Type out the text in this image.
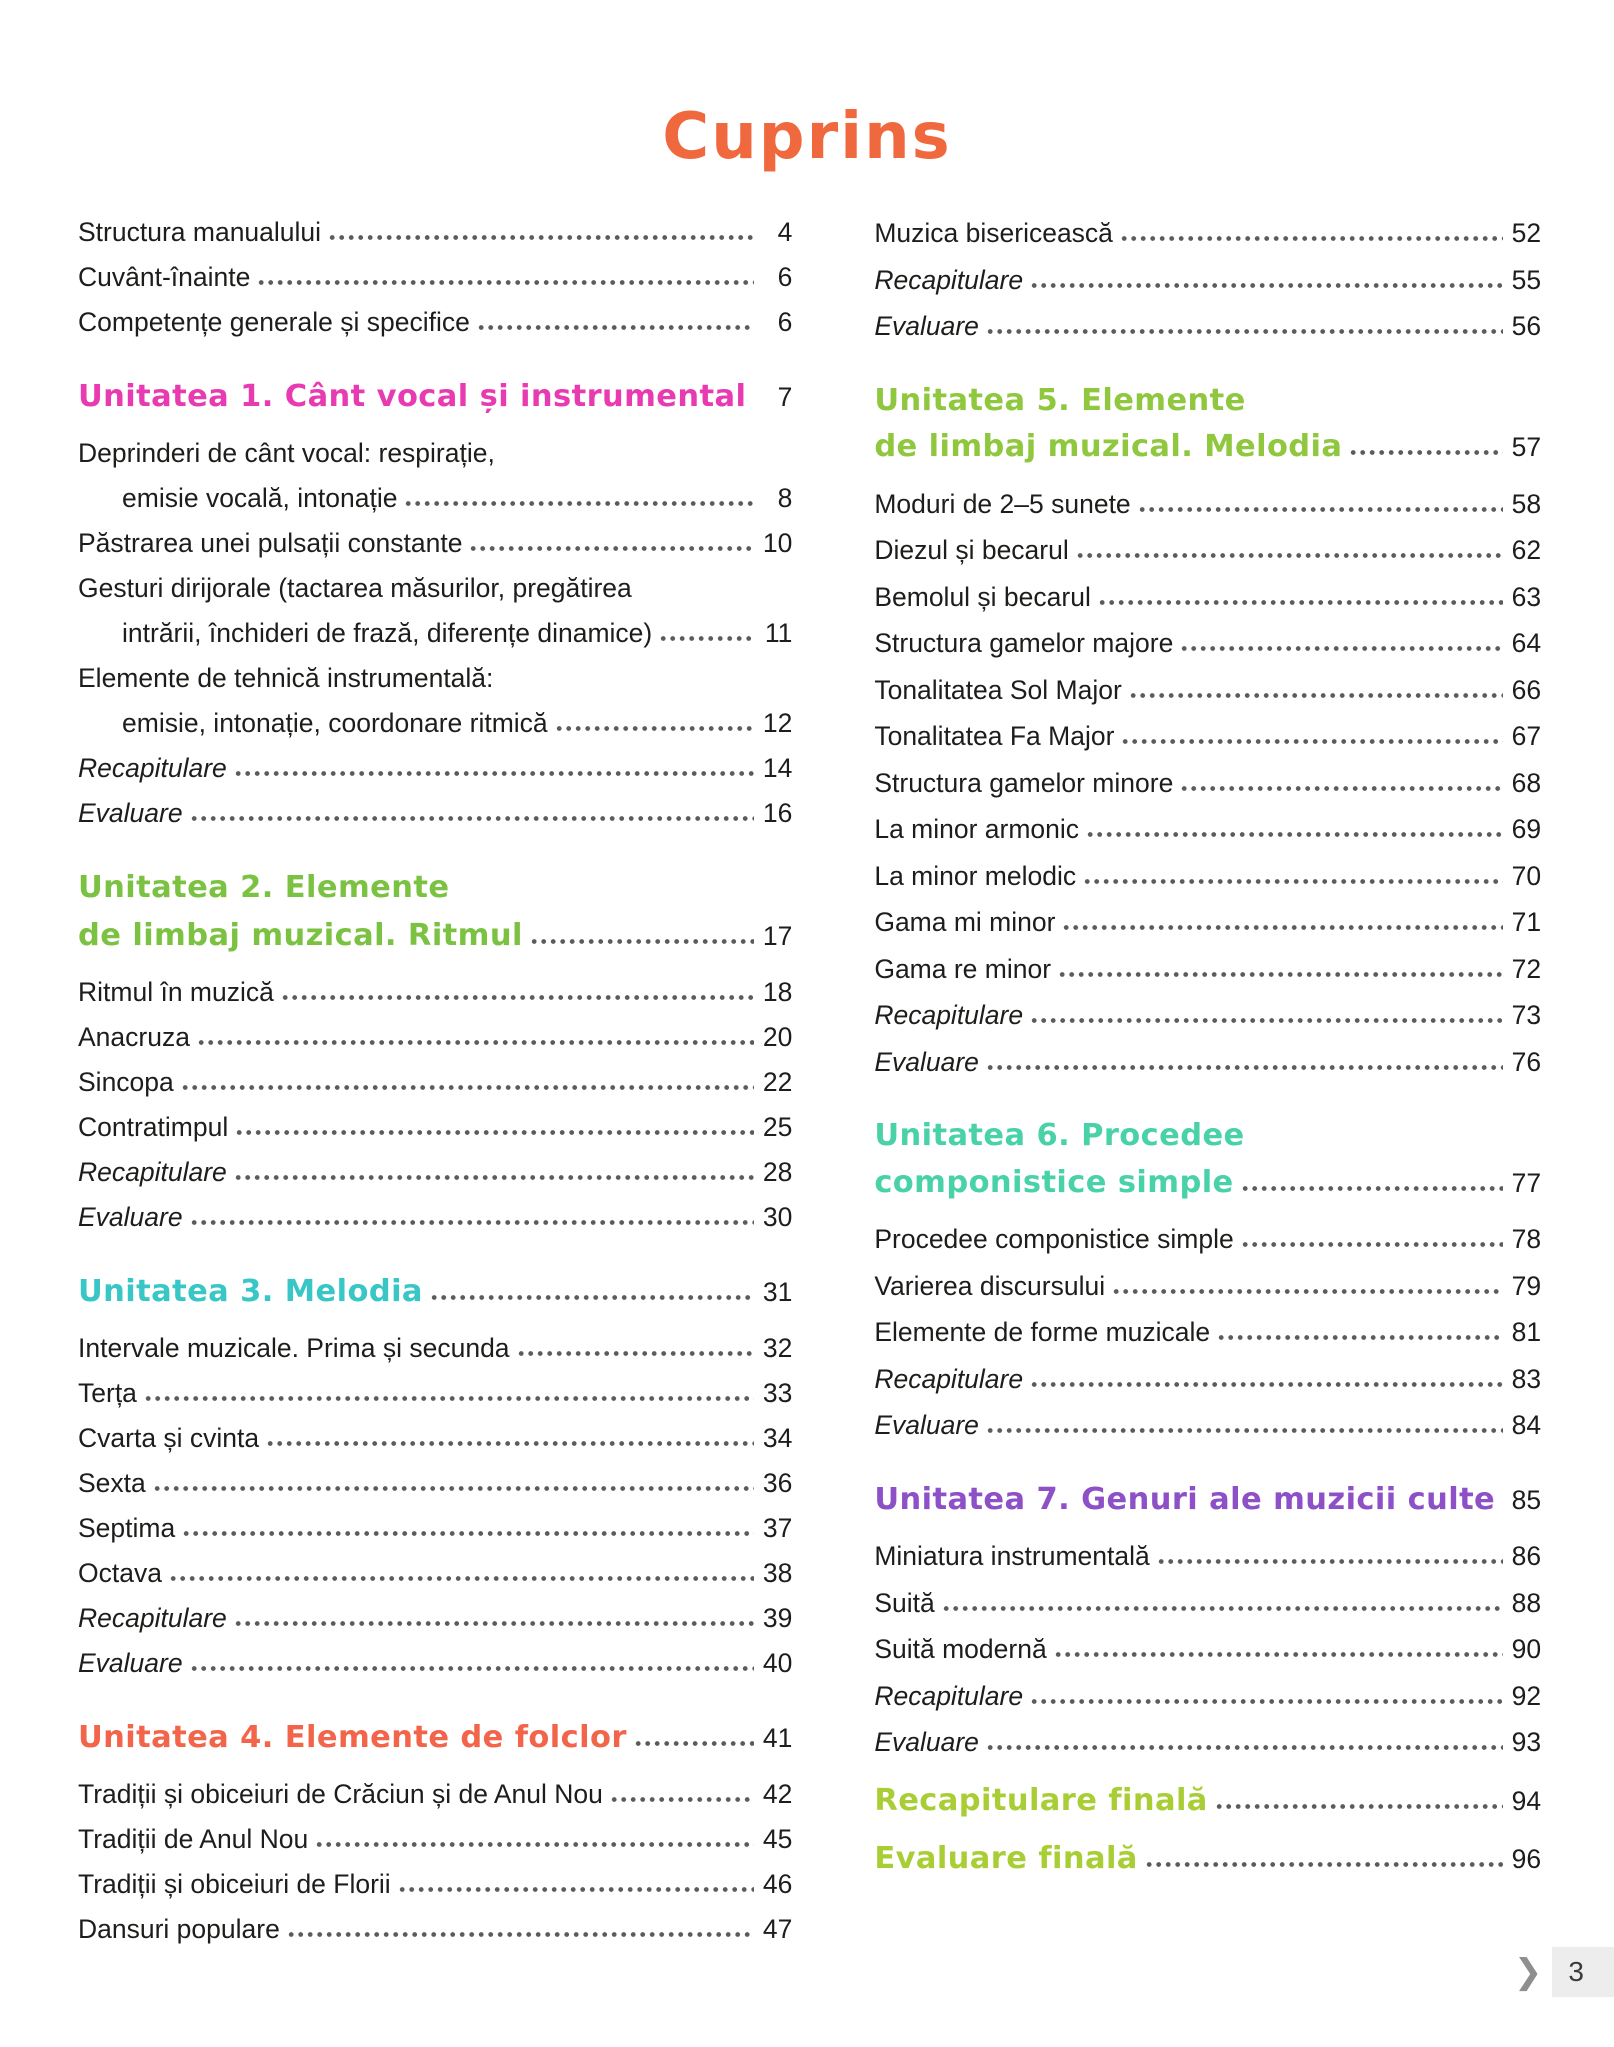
Cuprins
Structura manualului	4
Cuvânt-înainte	6
Competențe generale și specifice	6
Unitatea 1. Cânt vocal și instrumental	7
Deprinderi de cânt vocal: respirație,
emisie vocală, intonație	8
Păstrarea unei pulsații constante	10
Gesturi dirijorale (tactarea măsurilor, pregătirea
intrării, închideri de frază, diferențe dinamice)	11
Elemente de tehnică instrumentală:
emisie, intonație, coordonare ritmică	12
Recapitulare	14
Evaluare	16
Unitatea 2. Elemente
de limbaj muzical. Ritmul	17
Ritmul în muzică	18
Anacruza	20
Sincopa	22
Contratimpul	25
Recapitulare	28
Evaluare	30
Unitatea 3. Melodia	31
Intervale muzicale. Prima și secunda	32
Terța	33
Cvarta și cvinta	34
Sexta	36
Septima	37
Octava	38
Recapitulare	39
Evaluare	40
Unitatea 4. Elemente de folclor	41
Tradiții și obiceiuri de Crăciun și de Anul Nou	42
Tradiții de Anul Nou	45
Tradiții și obiceiuri de Florii	46
Dansuri populare	47
Muzica bisericească	52
Recapitulare	55
Evaluare	56
Unitatea 5. Elemente
de limbaj muzical. Melodia	57
Moduri de 2–5 sunete	58
Diezul și becarul	62
Bemolul și becarul	63
Structura gamelor majore	64
Tonalitatea Sol Major	66
Tonalitatea Fa Major	67
Structura gamelor minore	68
La minor armonic	69
La minor melodic	70
Gama mi minor	71
Gama re minor	72
Recapitulare	73
Evaluare	76
Unitatea 6. Procedee
componistice simple	77
Procedee componistice simple	78
Varierea discursului	79
Elemente de forme muzicale	81
Recapitulare	83
Evaluare	84
Unitatea 7. Genuri ale muzicii culte 85
Miniatura instrumentală	86
Suită	88
Suită modernă	90
Recapitulare	92
Evaluare	93
Recapitulare finală	94
Evaluare finală	96
❯ 3
